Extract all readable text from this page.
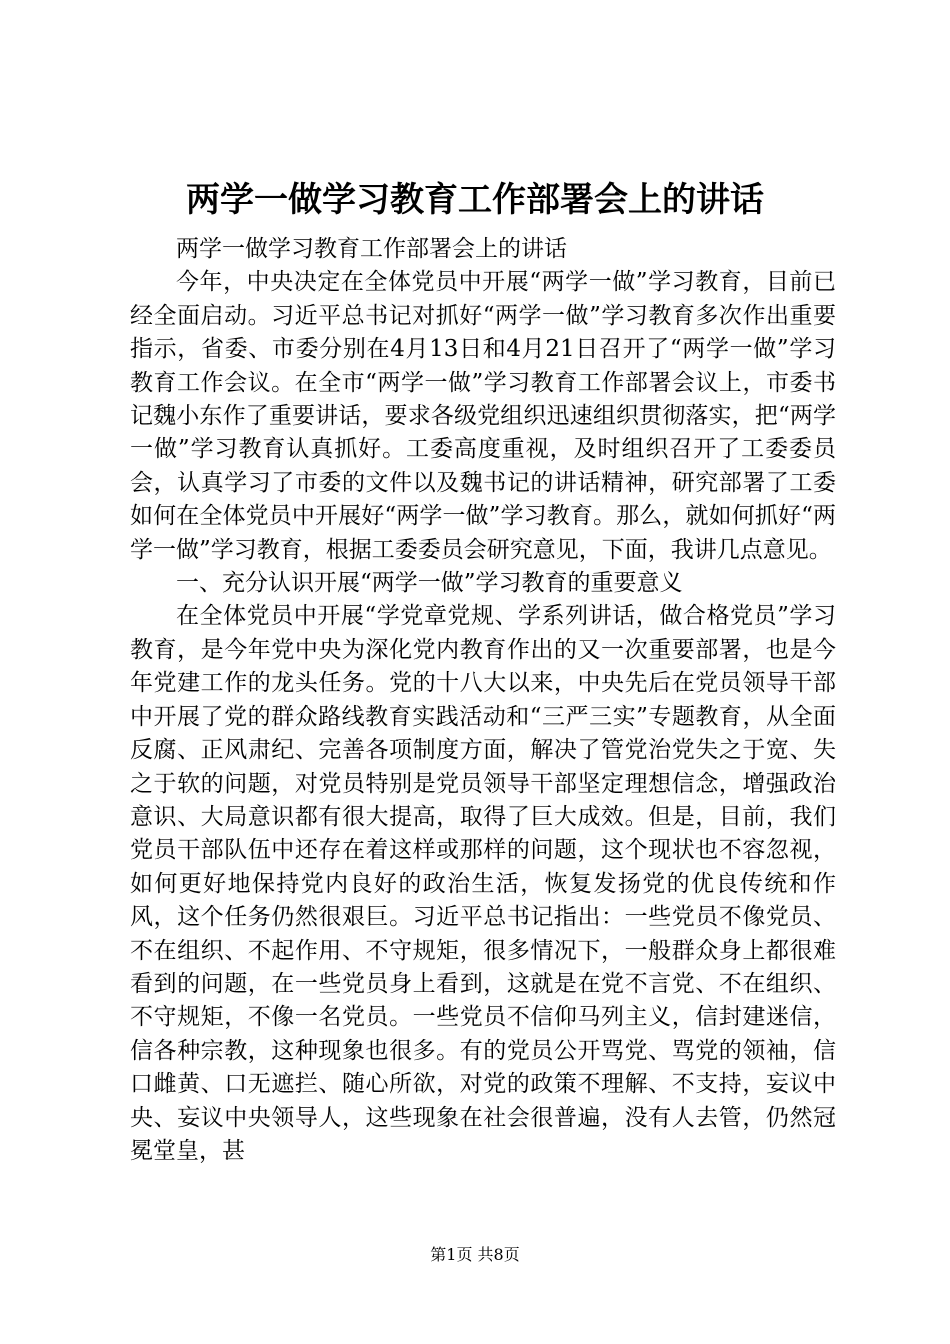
两学一做学习教育工作部署会上的讲话

两学一做学习教育工作部署会上的讲话

今年，中央决定在全体党员中开展“两学一做”学习教育，目前已经全面启动。习近平总书记对抓好“两学一做”学习教育多次作出重要指示，省委、市委分别在4月13日和4月21日召开了“两学一做”学习教育工作会议。在全市“两学一做”学习教育工作部署会议上，市委书记魏小东作了重要讲话，要求各级党组织迅速组织贯彻落实，把“两学一做”学习教育认真抓好。工委高度重视，及时组织召开了工委委员会，认真学习了市委的文件以及魏书记的讲话精神，研究部署了工委如何在全体党员中开展好“两学一做”学习教育。那么，就如何抓好“两学一做”学习教育，根据工委委员会研究意见，下面，我讲几点意见。

一、充分认识开展“两学一做”学习教育的重要意义

在全体党员中开展“学党章党规、学系列讲话，做合格党员”学习教育，是今年党中央为深化党内教育作出的又一次重要部署，也是今年党建工作的龙头任务。党的十八大以来，中央先后在党员领导干部中开展了党的群众路线教育实践活动和“三严三实”专题教育，从全面反腐、正风肃纪、完善各项制度方面，解决了管党治党失之于宽、失之于软的问题，对党员特别是党员领导干部坚定理想信念，增强政治意识、大局意识都有很大提高，取得了巨大成效。但是，目前，我们党员干部队伍中还存在着这样或那样的问题，这个现状也不容忽视，如何更好地保持党内良好的政治生活，恢复发扬党的优良传统和作风，这个任务仍然很艰巨。习近平总书记指出：一些党员不像党员、不在组织、不起作用、不守规矩，很多情况下，一般群众身上都很难看到的问题，在一些党员身上看到，这就是在党不言党、不在组织、不守规矩，不像一名党员。一些党员不信仰马列主义，信封建迷信，信各种宗教，这种现象也很多。有的党员公开骂党、骂党的领袖，信口雌黄、口无遮拦、随心所欲，对党的政策不理解、不支持，妄议中央、妄议中央领导人，这些现象在社会很普遍，没有人去管，仍然冠冕堂皇，甚

第1页 共8页
